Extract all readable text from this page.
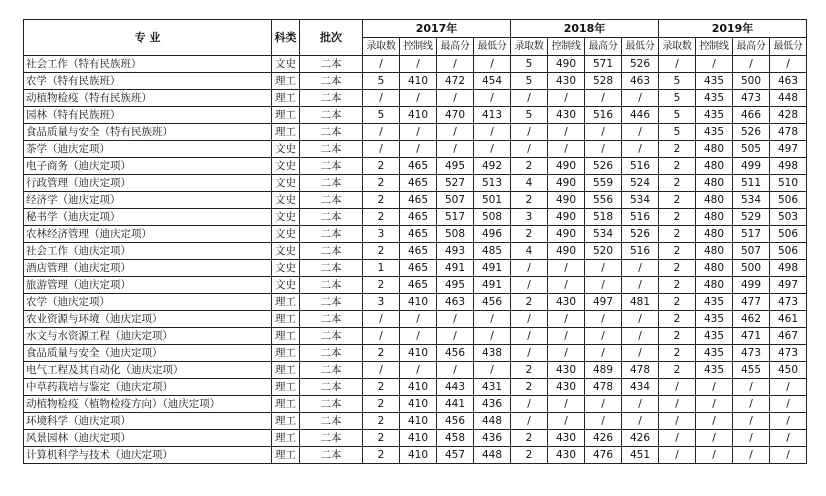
专 业	科类	批次	2017年				2018年				2019年			
			录取数	控制线	最高分	最低分	录取数	控制线	最高分	最低分	录取数	控制线	最高分	最低分
社会工作（特有民族班）	文史	二本	/	/	/	/	5	490	571	526	/	/	/	/
农学（特有民族班）	理工	二本	5	410	472	454	5	430	528	463	5	435	500	463
动植物检疫（特有民族班）	理工	二本	/	/	/	/	/	/	/	/	5	435	473	448
园林（特有民族班）	理工	二本	5	410	470	413	5	430	516	446	5	435	466	428
食品质量与安全（特有民族班）	理工	二本	/	/	/	/	/	/	/	/	5	435	526	478
茶学（迪庆定项）	文史	二本	/	/	/	/	/	/	/	/	2	480	505	497
电子商务（迪庆定项）	文史	二本	2	465	495	492	2	490	526	516	2	480	499	498
行政管理（迪庆定项）	文史	二本	2	465	527	513	4	490	559	524	2	480	511	510
经济学（迪庆定项）	文史	二本	2	465	507	501	2	490	556	534	2	480	534	506
秘书学（迪庆定项）	文史	二本	2	465	517	508	3	490	518	516	2	480	529	503
农林经济管理（迪庆定项）	文史	二本	3	465	508	496	2	490	534	526	2	480	517	506
社会工作（迪庆定项）	文史	二本	2	465	493	485	4	490	520	516	2	480	507	506
酒店管理（迪庆定项）	文史	二本	1	465	491	491	/	/	/	/	2	480	500	498
旅游管理（迪庆定项）	文史	二本	2	465	495	491	/	/	/	/	2	480	499	497
农学（迪庆定项）	理工	二本	3	410	463	456	2	430	497	481	2	435	477	473
农业资源与环境（迪庆定项）	理工	二本	/	/	/	/	/	/	/	/	2	435	462	461
水文与水资源工程（迪庆定项）	理工	二本	/	/	/	/	/	/	/	/	2	435	471	467
食品质量与安全（迪庆定项）	理工	二本	2	410	456	438	/	/	/	/	2	435	473	473
电气工程及其自动化（迪庆定项）	理工	二本	/	/	/	/	2	430	489	478	2	435	455	450
中草药栽培与鉴定（迪庆定项）	理工	二本	2	410	443	431	2	430	478	434	/	/	/	/
动植物检疫（植物检疫方向）（迪庆定项）	理工	二本	2	410	441	436	/	/	/	/	/	/	/	/
环境科学（迪庆定项）	理工	二本	2	410	456	448	/	/	/	/	/	/	/	/
风景园林（迪庆定项）	理工	二本	2	410	458	436	2	430	426	426	/	/	/	/
计算机科学与技术（迪庆定项）	理工	二本	2	410	457	448	2	430	476	451	/	/	/	/
